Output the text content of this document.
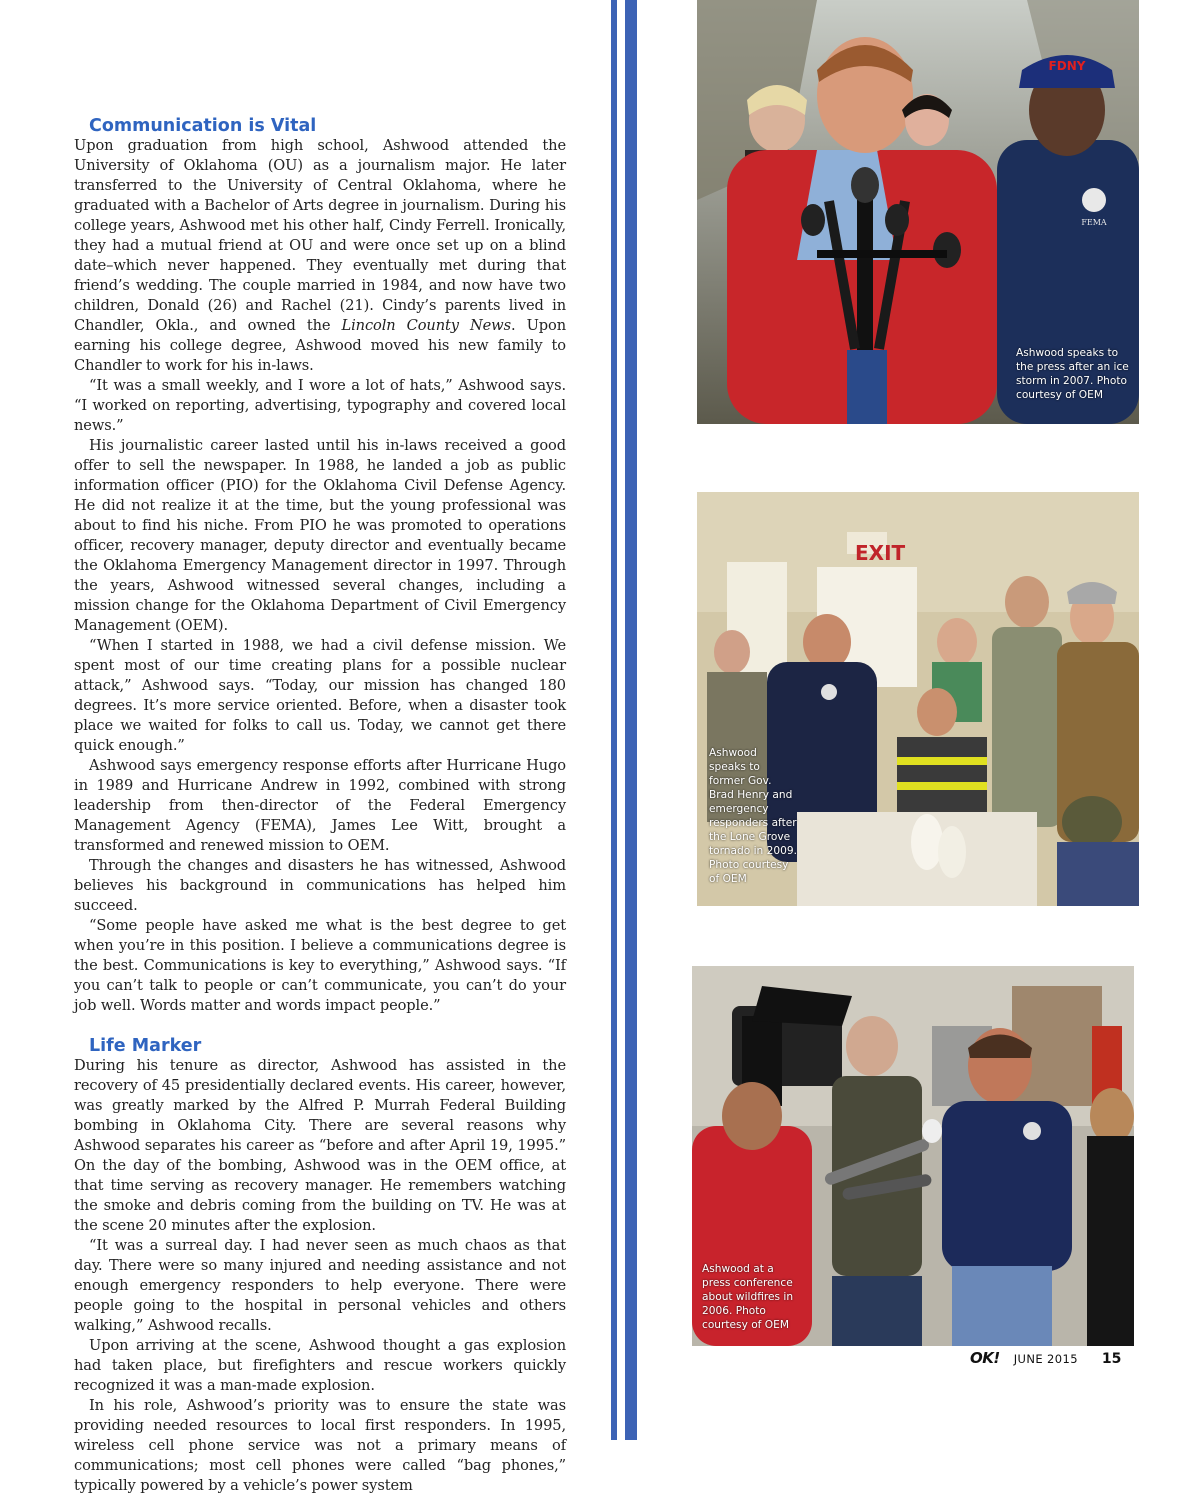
Communication is Vital

Upon graduation from high school, Ashwood attended the University of Oklahoma (OU) as a journalism major. He later transferred to the University of Central Oklahoma, where he graduated with a Bachelor of Arts degree in journalism. During his college years, Ashwood met his other half, Cindy Ferrell. Ironically, they had a mutual friend at OU and were once set up on a blind date–which never happened. They eventually met during that friend’s wedding. The couple married in 1984, and now have two children, Donald (26) and Rachel (21). Cindy’s parents lived in Chandler, Okla., and owned the Lincoln County News. Upon earning his college degree, Ashwood moved his new family to Chandler to work for his in-laws.

“It was a small weekly, and I wore a lot of hats,” Ashwood says. “I worked on reporting, advertising, typography and covered local news.”

His journalistic career lasted until his in-laws received a good offer to sell the newspaper. In 1988, he landed a job as public information officer (PIO) for the Oklahoma Civil Defense Agency. He did not realize it at the time, but the young professional was about to find his niche. From PIO he was promoted to operations officer, recovery manager, deputy director and eventually became the Oklahoma Emergency Management director in 1997. Through the years, Ashwood witnessed several changes, including a mission change for the Oklahoma Department of Civil Emergency Management (OEM).

“When I started in 1988, we had a civil defense mission. We spent most of our time creating plans for a possible nuclear attack,” Ashwood says. “Today, our mission has changed 180 degrees. It’s more service oriented. Before, when a disaster took place we waited for folks to call us. Today, we cannot get there quick enough.”

Ashwood says emergency response efforts after Hurricane Hugo in 1989 and Hurricane Andrew in 1992, combined with strong leadership from then-director of the Federal Emergency Management Agency (FEMA), James Lee Witt, brought a transformed and renewed mission to OEM.

Through the changes and disasters he has witnessed, Ashwood believes his background in communications has helped him succeed.

“Some people have asked me what is the best degree to get when you’re in this position. I believe a communications degree is the best. Communications is key to everything,” Ashwood says. “If you can’t talk to people or can’t communicate, you can’t do your job well. Words matter and words impact people.”

Life Marker

During his tenure as director, Ashwood has assisted in the recovery of 45 presidentially declared events. His career, however, was greatly marked by the Alfred P. Murrah Federal Building bombing in Oklahoma City. There are several reasons why Ashwood separates his career as “before and after April 19, 1995.” On the day of the bombing, Ashwood was in the OEM office, at that time serving as recovery manager. He remembers watching the smoke and debris coming from the building on TV. He was at the scene 20 minutes after the explosion.

“It was a surreal day. I had never seen as much chaos as that day. There were so many injured and needing assistance and not enough emergency responders to help everyone. There were people going to the hospital in personal vehicles and others walking,” Ashwood recalls.

Upon arriving at the scene, Ashwood thought a gas explosion had taken place, but firefighters and rescue workers quickly recognized it was a man-made explosion.

In his role, Ashwood’s priority was to ensure the state was providing needed resources to local first responders. In 1995, wireless cell phone service was not a primary means of communications; most cell phones were called “bag phones,” typically powered by a vehicle’s power system

FDNY
FEMA
Ashwood speaks to the press after an ice storm in 2007. Photo courtesy of OEM
EXIT
Ashwood speaks to former Gov. Brad Henry and emergency responders after the Lone Grove tornado in 2009. Photo courtesy of OEM
Ashwood at a press conference about wildfires in 2006. Photo courtesy of OEM
OK! JUNE 2015 15
